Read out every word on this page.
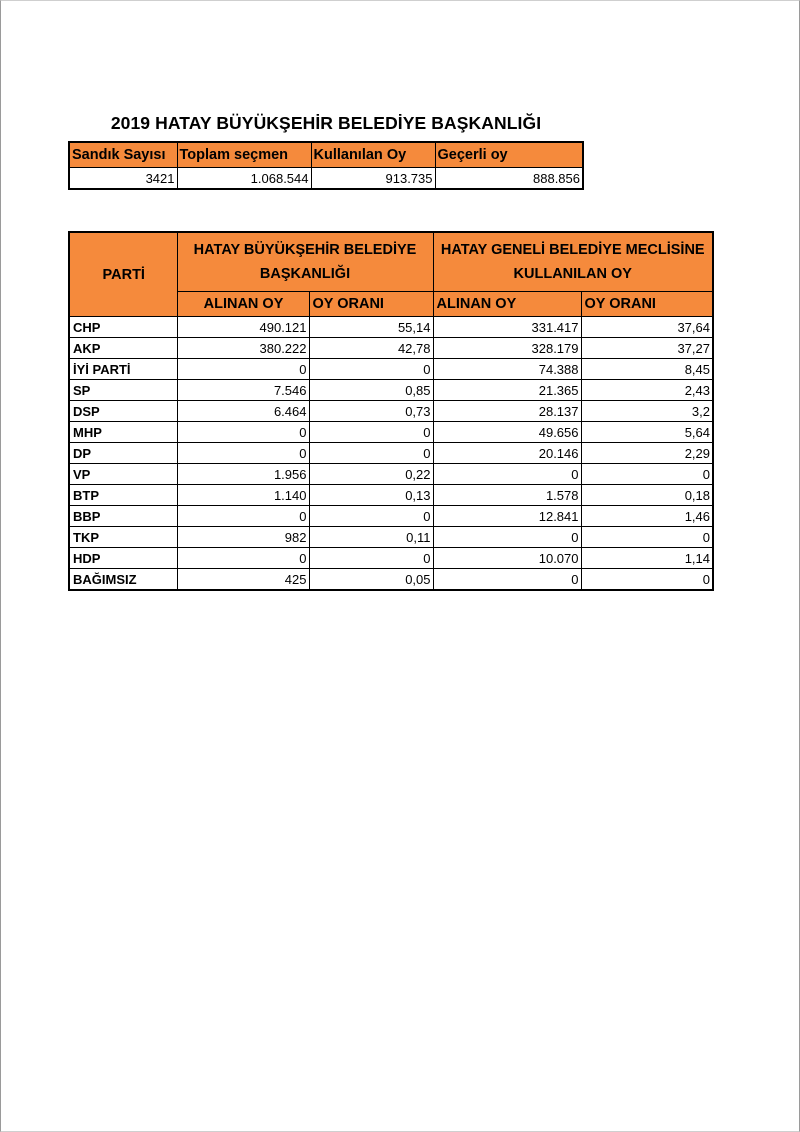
2019 HATAY BÜYÜKŞEHİR BELEDİYE BAŞKANLIĞI
Sandık Sayısı	Toplam seçmen	Kullanılan Oy	Geçerli oy
3421	1.068.544	913.735	888.856
PARTİ	HATAY BÜYÜKŞEHİR BELEDİYE BAŞKANLIĞI		HATAY GENELİ BELEDİYE MECLİSİNE KULLANILAN OY	
	ALINAN OY	OY ORANI	ALINAN OY	OY ORANI
CHP	490.121	55,14	331.417	37,64
AKP	380.222	42,78	328.179	37,27
İYİ PARTİ	0	0	74.388	8,45
SP	7.546	0,85	21.365	2,43
DSP	6.464	0,73	28.137	3,2
MHP	0	0	49.656	5,64
DP	0	0	20.146	2,29
VP	1.956	0,22	0	0
BTP	1.140	0,13	1.578	0,18
BBP	0	0	12.841	1,46
TKP	982	0,11	0	0
HDP	0	0	10.070	1,14
BAĞIMSIZ	425	0,05	0	0
